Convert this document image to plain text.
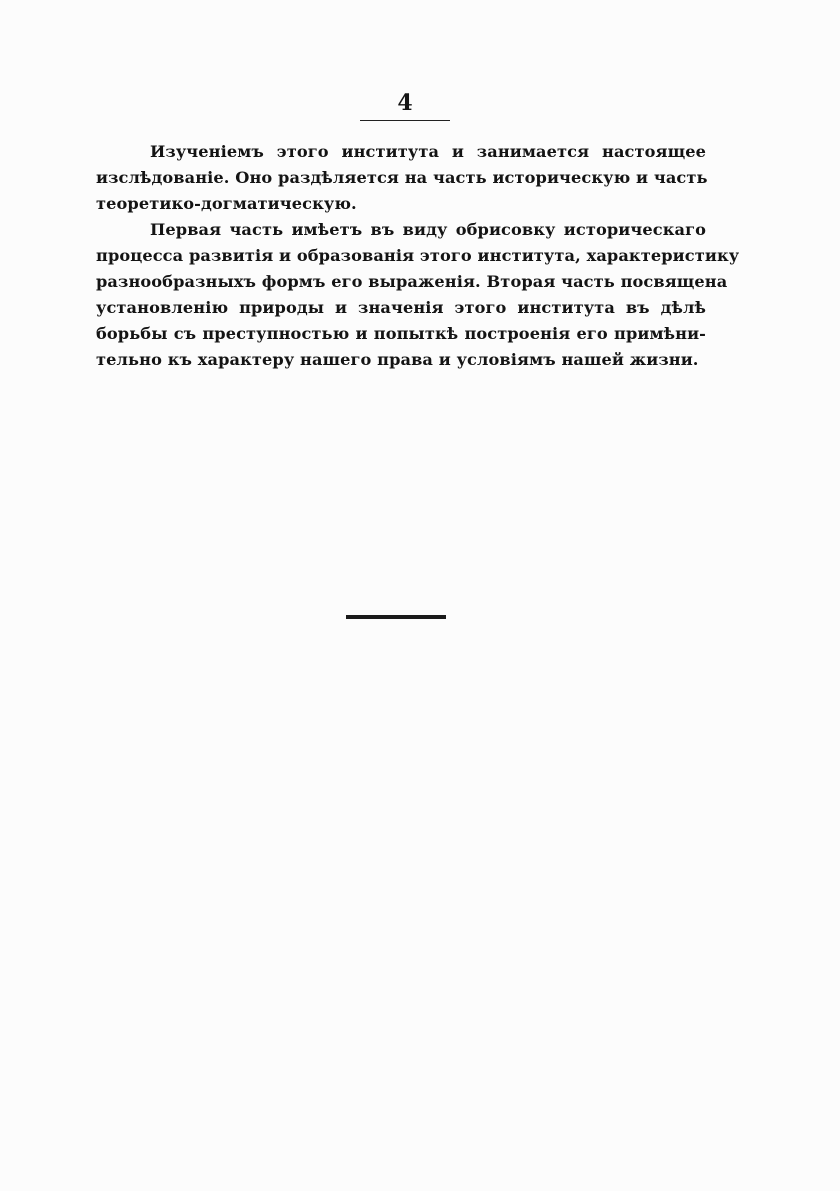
4
Изученіемъ этого института и занимается настоящее
изслѣдованіе. Оно раздѣляется на часть историческую и часть
теоретико-догматическую.
Первая часть имѣетъ въ виду обрисовку историческаго
процесса развитія и образованія этого института, характеристику
разнообразныхъ формъ его выраженія. Вторая часть посвящена
установленію природы и значенія этого института въ дѣлѣ
борьбы съ преступностью и попыткѣ построенія его примѣни-
тельно къ характеру нашего права и условіямъ нашей жизни.
